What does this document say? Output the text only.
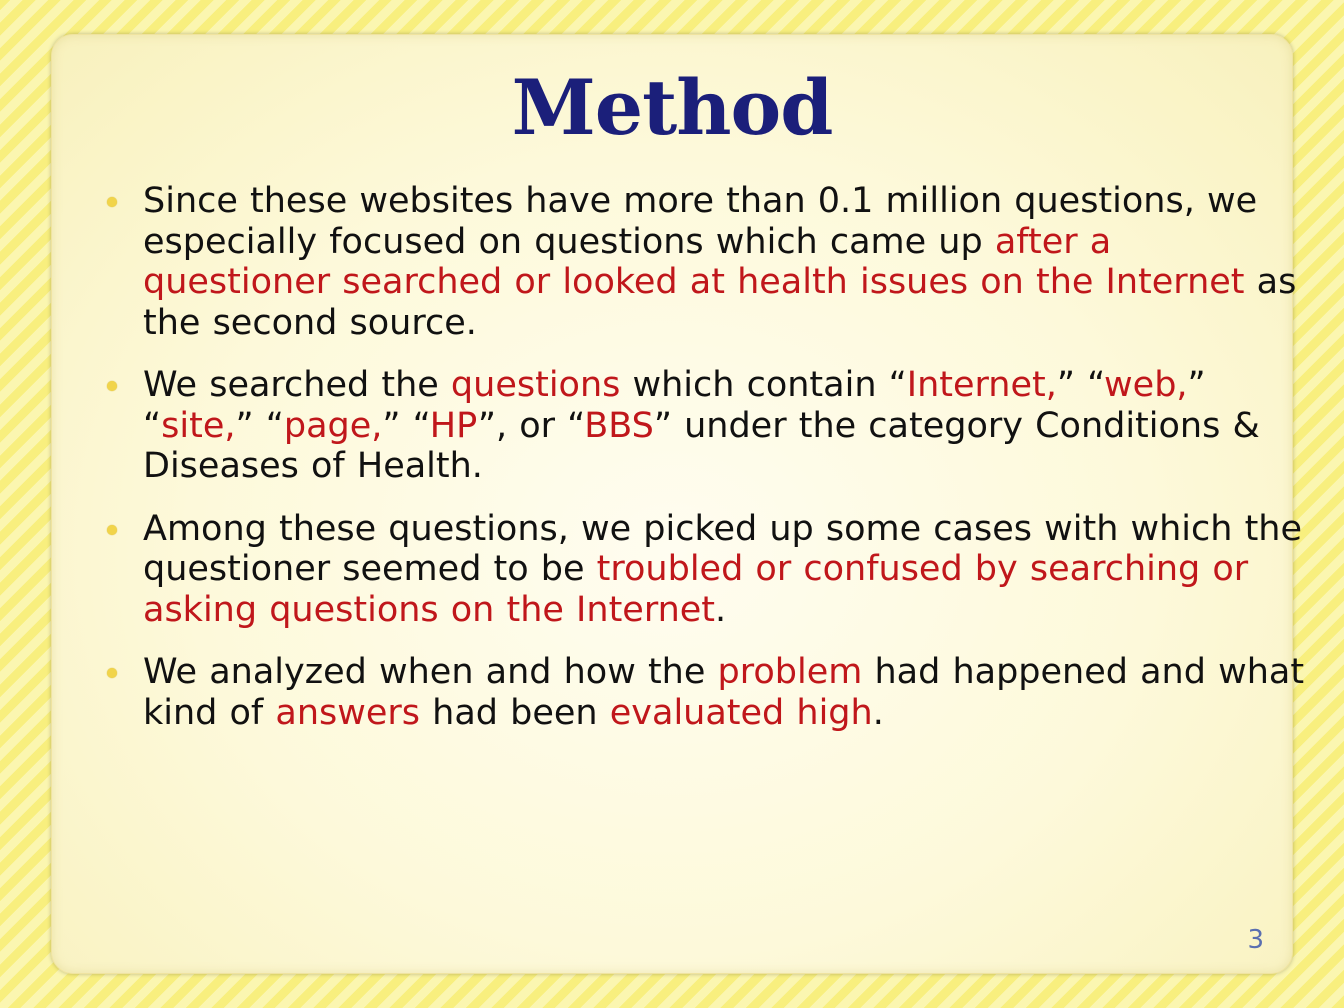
Method
Since these websites have more than 0.1 million questions, we especially focused on questions which came up after a questioner searched or looked at health issues on the Internet as the second source.
We searched the questions which contain “Internet,” “web,” “site,” “page,” “HP”, or “BBS” under the category Conditions & Diseases of Health.
Among these questions, we picked up some cases with which the questioner seemed to be troubled or confused by searching or asking questions on the Internet.
We analyzed when and how the problem had happened and what kind of answers had been evaluated high.
3
